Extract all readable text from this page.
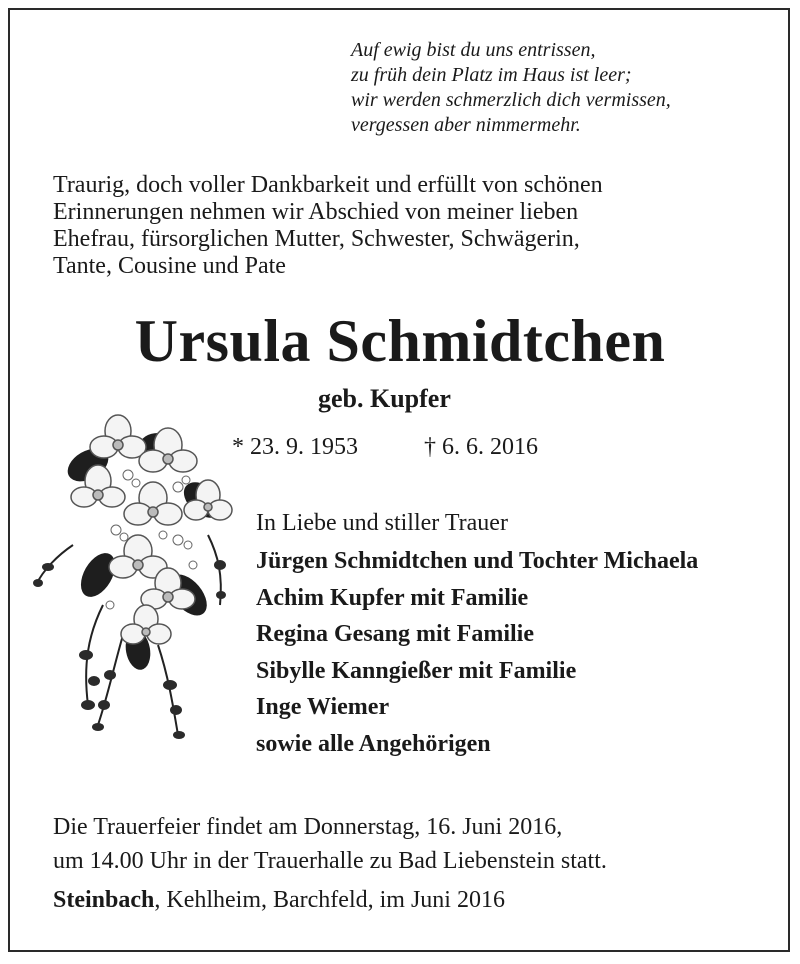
Auf ewig bist du uns entrissen,
zu früh dein Platz im Haus ist leer;
wir werden schmerzlich dich vermissen,
vergessen aber nimmermehr.
Traurig, doch voller Dankbarkeit und erfüllt von schönen
Erinnerungen nehmen wir Abschied von meiner lieben
Ehefrau, fürsorglichen Mutter, Schwester, Schwägerin,
Tante, Cousine und Pate
Ursula Schmidtchen
geb. Kupfer
* 23. 9. 1953	† 6. 6. 2016
In Liebe und stiller Trauer
Jürgen Schmidtchen und Tochter Michaela
Achim Kupfer mit Familie
Regina Gesang mit Familie
Sibylle Kanngießer mit Familie
Inge Wiemer
sowie alle Angehörigen
Die Trauerfeier findet am Donnerstag, 16. Juni 2016,
um 14.00 Uhr in der Trauerhalle zu Bad Liebenstein statt.
Steinbach, Kehlheim, Barchfeld, im Juni 2016
